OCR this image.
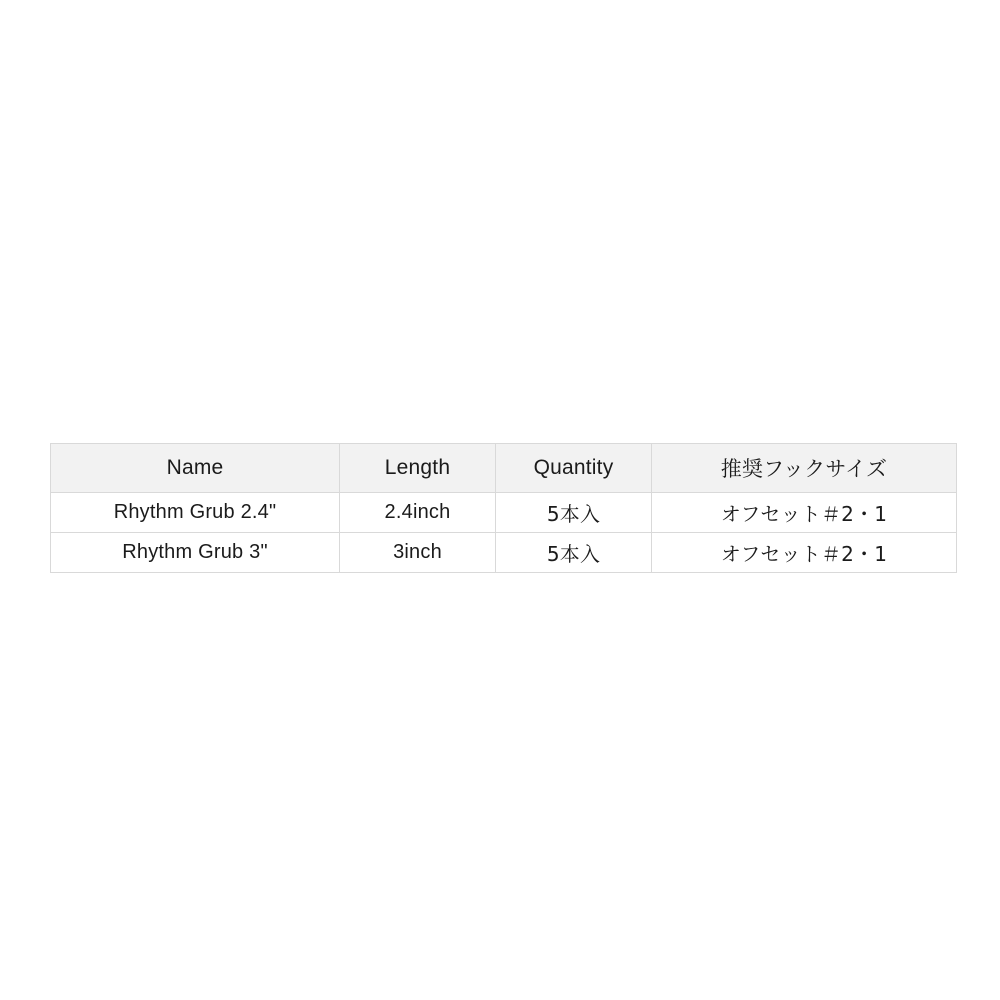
Name	Length	Quantity	推奨フックサイズ
Rhythm Grub 2.4"	2.4inch	5本入	オフセット＃2・1
Rhythm Grub 3"	3inch	5本入	オフセット＃2・1
